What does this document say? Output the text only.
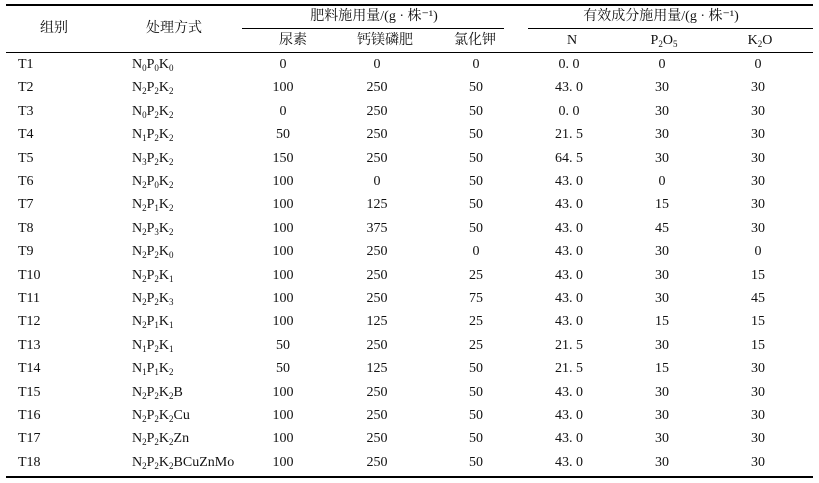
组别	处理方式
肥料施用量/(g · 株⁻¹)	有效成分施用量/(g · 株⁻¹)
尿素	钙镁磷肥	氯化钾	N	$P_2O_5$	$K_2O$
T1	$N_0P_0K_0$	0	0	0	0. 0	0	0
T2	$N_2P_2K_2$	100	250	50	43. 0	30	30
T3	$N_0P_2K_2$	0	250	50	0. 0	30	30
T4	$N_1P_2K_2$	50	250	50	21. 5	30	30
T5	$N_3P_2K_2$	150	250	50	64. 5	30	30
T6	$N_2P_0K_2$	100	0	50	43. 0	0	30
T7	$N_2P_1K_2$	100	125	50	43. 0	15	30
T8	$N_2P_3K_2$	100	375	50	43. 0	45	30
T9	$N_2P_2K_0$	100	250	0	43. 0	30	0
T10	$N_2P_2K_1$	100	250	25	43. 0	30	15
T11	$N_2P_2K_3$	100	250	75	43. 0	30	45
T12	$N_2P_1K_1$	100	125	25	43. 0	15	15
T13	$N_1P_2K_1$	50	250	25	21. 5	30	15
T14	$N_1P_1K_2$	50	125	50	21. 5	15	30
T15	$N_2P_2K_2B$	100	250	50	43. 0	30	30
T16	$N_2P_2K_2Cu$	100	250	50	43. 0	30	30
T17	$N_2P_2K_2Zn$	100	250	50	43. 0	30	30
T18	$N_2P_2K_2BCuZnMo$	100	250	50	43. 0	30	30
